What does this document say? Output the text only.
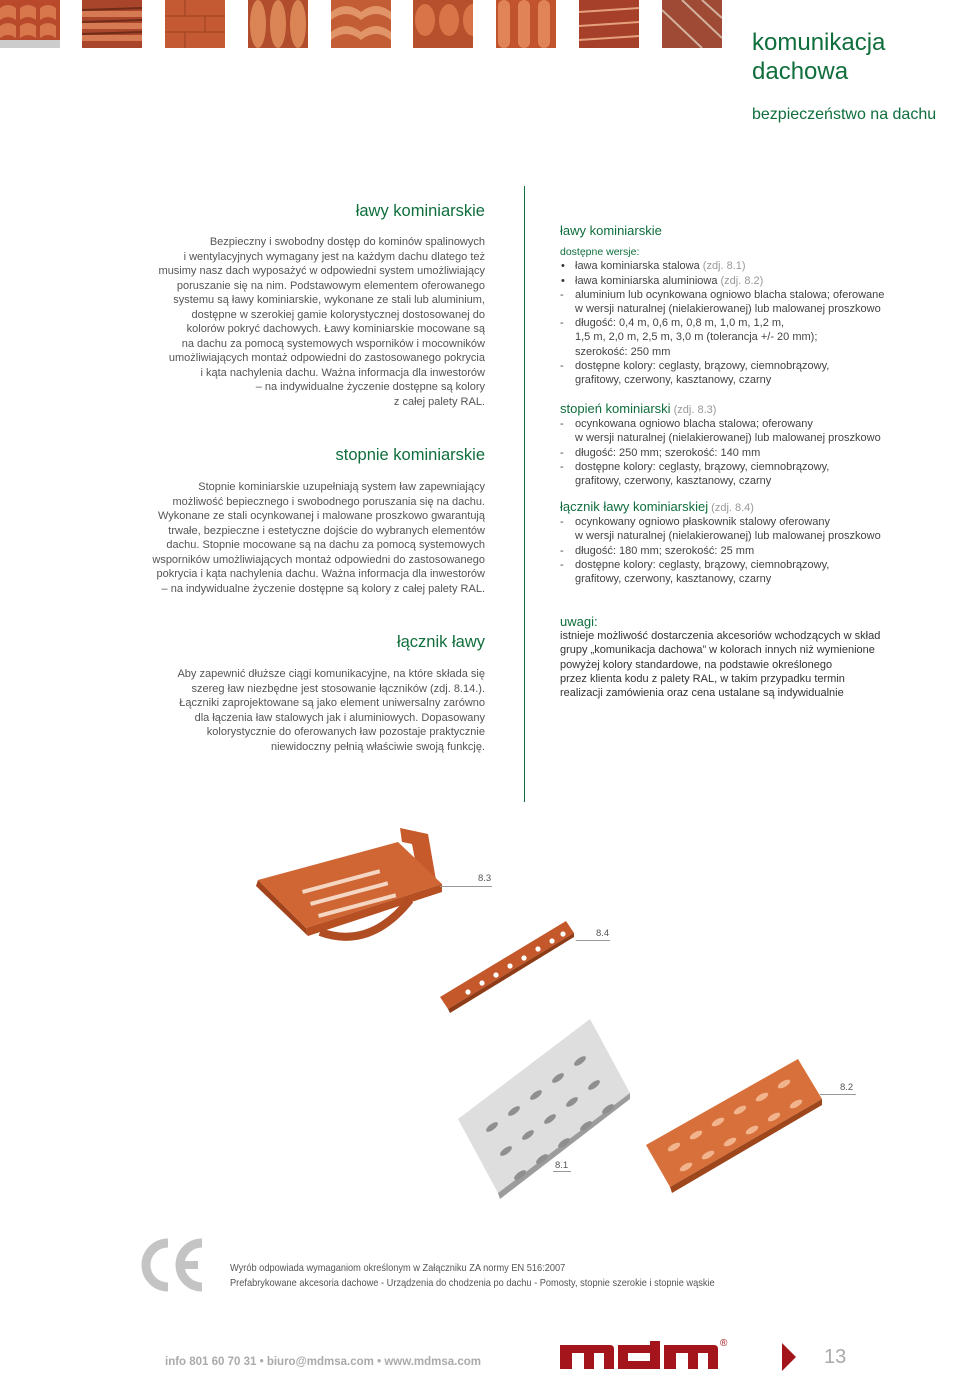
komunikacja
dachowa
bezpieczeństwo na dachu
ławy kominiarskie
Bezpieczny i swobodny dostęp do kominów spalinowych
i wentylacyjnych wymagany jest na każdym dachu dlatego też
musimy nasz dach wyposażyć w odpowiedni system umożliwiający
poruszanie się na nim. Podstawowym elementem oferowanego
systemu są ławy kominiarskie, wykonane ze stali lub aluminium,
dostępne w szerokiej gamie kolorystycznej dostosowanej do
kolorów pokryć dachowych. Ławy kominiarskie mocowane są
na dachu za pomocą systemowych wsporników i mocowników
umożliwiających montaż odpowiedni do zastosowanego pokrycia
i kąta nachylenia dachu. Ważna informacja dla inwestorów
– na indywidualne życzenie dostępne są kolory
z całej palety RAL.
stopnie kominiarskie
Stopnie kominiarskie uzupełniają system ław zapewniający
możliwość bepiecznego i swobodnego poruszania się na dachu.
Wykonane ze stali ocynkowanej i malowane proszkowo gwarantują
trwałe, bezpieczne i estetyczne dojście do wybranych elementów
dachu. Stopnie mocowane są na dachu za pomocą systemowych
wsporników umożliwiających montaż odpowiedni do zastosowanego
pokrycia i kąta nachylenia dachu. Ważna informacja dla inwestorów
– na indywidualne życzenie dostępne są kolory z całej palety RAL.
łącznik ławy
Aby zapewnić dłuższe ciągi komunikacyjne, na które składa się
szereg ław niezbędne jest stosowanie łączników (zdj. 8.14.).
Łączniki zaprojektowane są jako element uniwersalny zarówno
dla łączenia ław stalowych jak i aluminiowych. Dopasowany
kolorystycznie do oferowanych ław pozostaje praktycznie
niewidoczny pełnią właściwie swoją funkcję.
ławy kominiarskie
dostępne wersje:
• ława kominiarska stalowa (zdj. 8.1)
• ława kominiarska aluminiowa (zdj. 8.2)
- aluminium lub ocynkowana ogniowo blacha stalowa; oferowane
w wersji naturalnej (nielakierowanej) lub malowanej proszkowo
- długość: 0,4 m, 0,6 m, 0,8 m, 1,0 m, 1,2 m,
1,5 m, 2,0 m, 2,5 m, 3,0 m (tolerancja +/- 20 mm);
szerokość: 250 mm
- dostępne kolory: ceglasty, brązowy, ciemnobrązowy,
grafitowy, czerwony, kasztanowy, czarny
stopień kominiarski (zdj. 8.3)
- ocynkowana ogniowo blacha stalowa; oferowany
w wersji naturalnej (nielakierowanej) lub malowanej proszkowo
- długość: 250 mm; szerokość: 140 mm
- dostępne kolory: ceglasty, brązowy, ciemnobrązowy,
grafitowy, czerwony, kasztanowy, czarny
łącznik ławy kominiarskiej (zdj. 8.4)
- ocynkowany ogniowo płaskownik stalowy oferowany
w wersji naturalnej (nielakierowanej) lub malowanej proszkowo
- długość: 180 mm; szerokość: 25 mm
- dostępne kolory: ceglasty, brązowy, ciemnobrązowy,
grafitowy, czerwony, kasztanowy, czarny
uwagi:
istnieje możliwość dostarczenia akcesoriów wchodzących w skład
grupy „komunikacja dachowa” w kolorach innych niż wymienione
powyżej kolory standardowe, na podstawie określonego
przez klienta kodu z palety RAL, w takim przypadku termin
realizacji zamówienia oraz cena ustalane są indywidualnie
8.3
8.4
8.1
8.2
Wyrób odpowiada wymaganiom określonym w Załączniku ZA normy EN 516:2007
Prefabrykowane akcesoria dachowe - Urządzenia do chodzenia po dachu - Pomosty, stopnie szerokie i stopnie wąskie
info 801 60 70 31 • biuro@mdmsa.com • www.mdmsa.com
®
13
